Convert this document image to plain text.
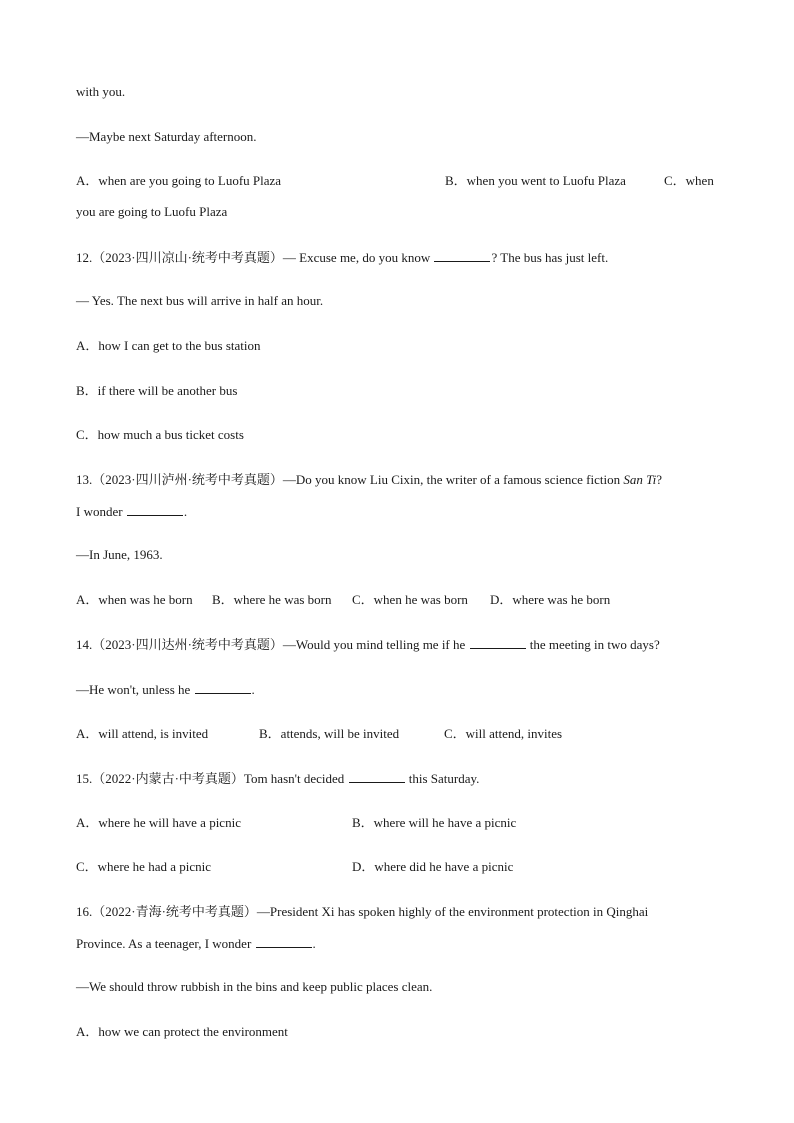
with you.
—Maybe next Saturday afternoon.
A．when are you going to Luofu Plaza	B．when you went to Luofu Plaza	C．when
you are going to Luofu Plaza
12.（2023·四川凉山·统考中考真题）— Excuse me, do you know	? The bus has just left.
— Yes. The next bus will arrive in half an hour.
A．how I can get to the bus station
B．if there will be another bus
C．how much a bus ticket costs
13.（2023·四川泸州·统考中考真题）—Do you know Liu Cixin, the writer of a famous science fiction San Ti?
I wonder	.
—In June, 1963.
A．when was he born B．where he was born C．when he was born D．where was he born
14.（2023·四川达州·统考中考真题）—Would you mind telling me if he	the meeting in two days?
—He won't, unless he	.
A．will attend, is invited	B．attends, will be invited	C．will attend, invites
15.（2022·内蒙古·中考真题）Tom hasn't decided	this Saturday.
A．where he will have a picnic	B．where will he have a picnic
C．where he had a picnic	D．where did he have a picnic
16.（2022·青海·统考中考真题）—President Xi has spoken highly of the environment protection in Qinghai
Province. As a teenager, I wonder	.
—We should throw rubbish in the bins and keep public places clean.
A．how we can protect the environment
